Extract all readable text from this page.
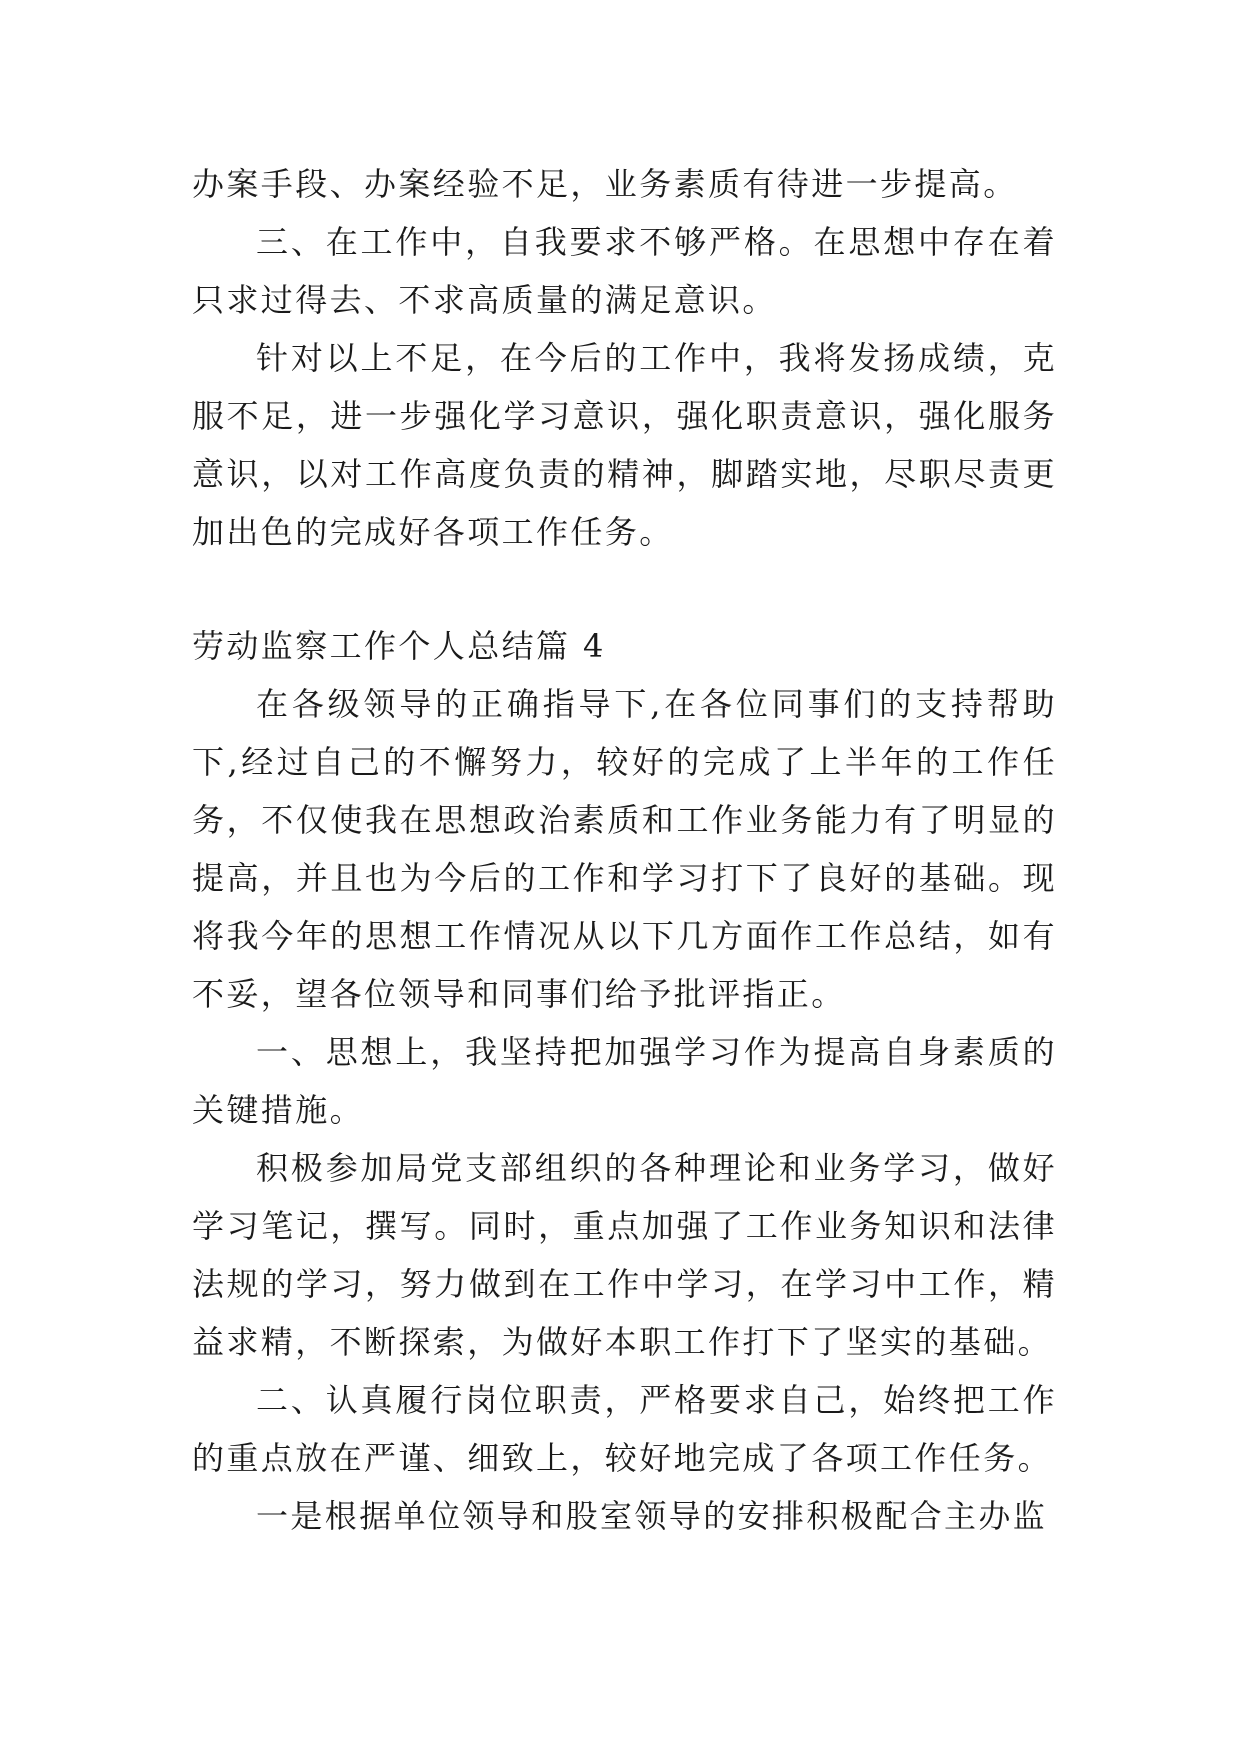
办案手段、办案经验不足，业务素质有待进一步提高。

三、在工作中，自我要求不够严格。在思想中存在着只求过得去、不求高质量的满足意识。

针对以上不足，在今后的工作中，我将发扬成绩，克服不足，进一步强化学习意识，强化职责意识，强化服务意识，以对工作高度负责的精神，脚踏实地，尽职尽责更加出色的完成好各项工作任务。

劳动监察工作个人总结篇 4

在各级领导的正确指导下,在各位同事们的支持帮助下,经过自己的不懈努力，较好的完成了上半年的工作任务，不仅使我在思想政治素质和工作业务能力有了明显的提高，并且也为今后的工作和学习打下了良好的基础。现将我今年的思想工作情况从以下几方面作工作总结，如有不妥，望各位领导和同事们给予批评指正。

一、思想上，我坚持把加强学习作为提高自身素质的关键措施。

积极参加局党支部组织的各种理论和业务学习，做好学习笔记，撰写。同时，重点加强了工作业务知识和法律法规的学习，努力做到在工作中学习，在学习中工作，精益求精，不断探索，为做好本职工作打下了坚实的基础。

二、认真履行岗位职责，严格要求自己，始终把工作的重点放在严谨、细致上，较好地完成了各项工作任务。

一是根据单位领导和股室领导的安排积极配合主办监
